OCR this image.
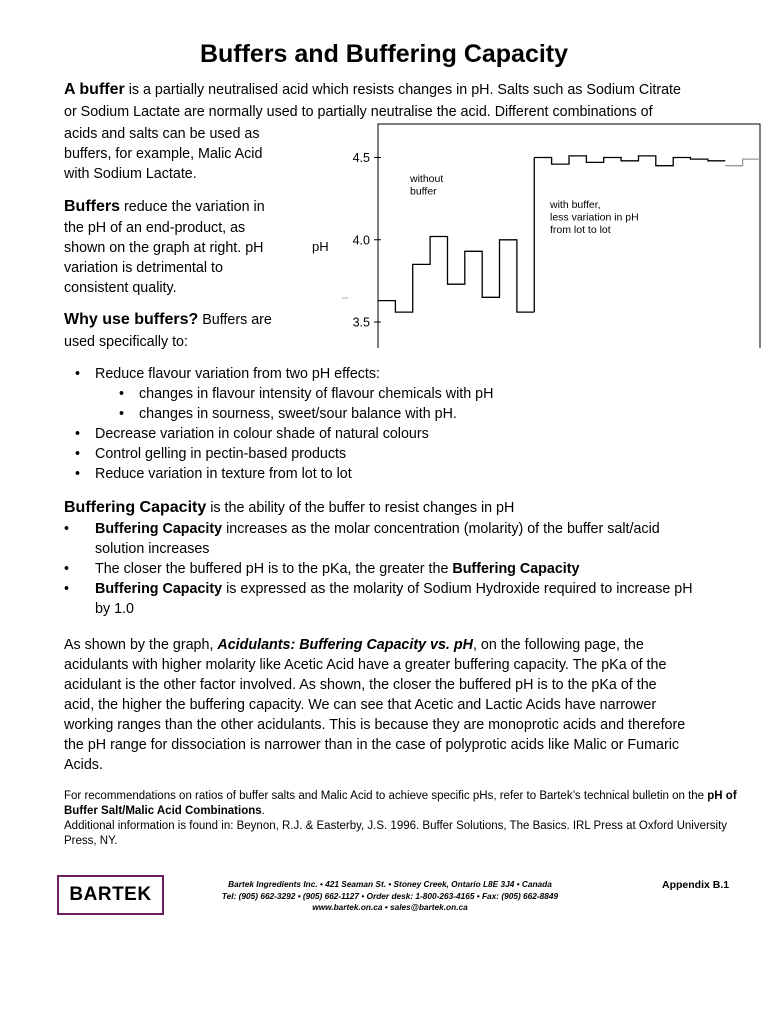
Buffers and Buffering Capacity
A buffer is a partially neutralised acid which resists changes in pH. Salts such as Sodium Citrate
or Sodium Lactate are normally used to partially neutralise the acid. Different combinations of
acids and salts can be used as
buffers, for example, Malic Acid
with Sodium Lactate.
Buffers reduce the variation in
the pH of an end-product, as
shown on the graph at right. pH
variation is detrimental to
consistent quality.
Why use buffers? Buffers are
used specifically to:
4.5
4.0
3.5
pH
without buffer
with buffer, less variation in pH from lot to lot
• Reduce flavour variation from two pH effects:
• changes in flavour intensity of flavour chemicals with pH
• changes in sourness, sweet/sour balance with pH.
• Decrease variation in colour shade of natural colours
• Control gelling in pectin-based products
• Reduce variation in texture from lot to lot
Buffering Capacity is the ability of the buffer to resist changes in pH
• Buffering Capacity increases as the molar concentration (molarity) of the buffer salt/acid
solution increases
• The closer the buffered pH is to the pKa, the greater the Buffering Capacity
• Buffering Capacity is expressed as the molarity of Sodium Hydroxide required to increase pH
by 1.0
As shown by the graph, Acidulants: Buffering Capacity vs. pH, on the following page, the
acidulants with higher molarity like Acetic Acid have a greater buffering capacity. The pKa of the
acidulant is the other factor involved. As shown, the closer the buffered pH is to the pKa of the
acid, the higher the buffering capacity. We can see that Acetic and Lactic Acids have narrower
working ranges than the other acidulants. This is because they are monoprotic acids and therefore
the pH range for dissociation is narrower than in the case of polyprotic acids like Malic or Fumaric
Acids.
For recommendations on ratios of buffer salts and Malic Acid to achieve specific pHs, refer to Bartek’s technical bulletin on the pH of
Buffer Salt/Malic Acid Combinations.
Additional information is found in: Beynon, R.J. & Easterby, J.S. 1996. Buffer Solutions, The Basics. IRL Press at Oxford University
Press, NY.
BARTEK	Bartek Ingredients Inc. • 421 Seaman St. • Stoney Creek, Ontario L8E 3J4 • Canada
Tel: (905) 662-3292 • (905) 662-1127 • Order desk: 1-800-263-4165 • Fax: (905) 662-8849
www.bartek.on.ca • sales@bartek.on.ca
Appendix B.1
